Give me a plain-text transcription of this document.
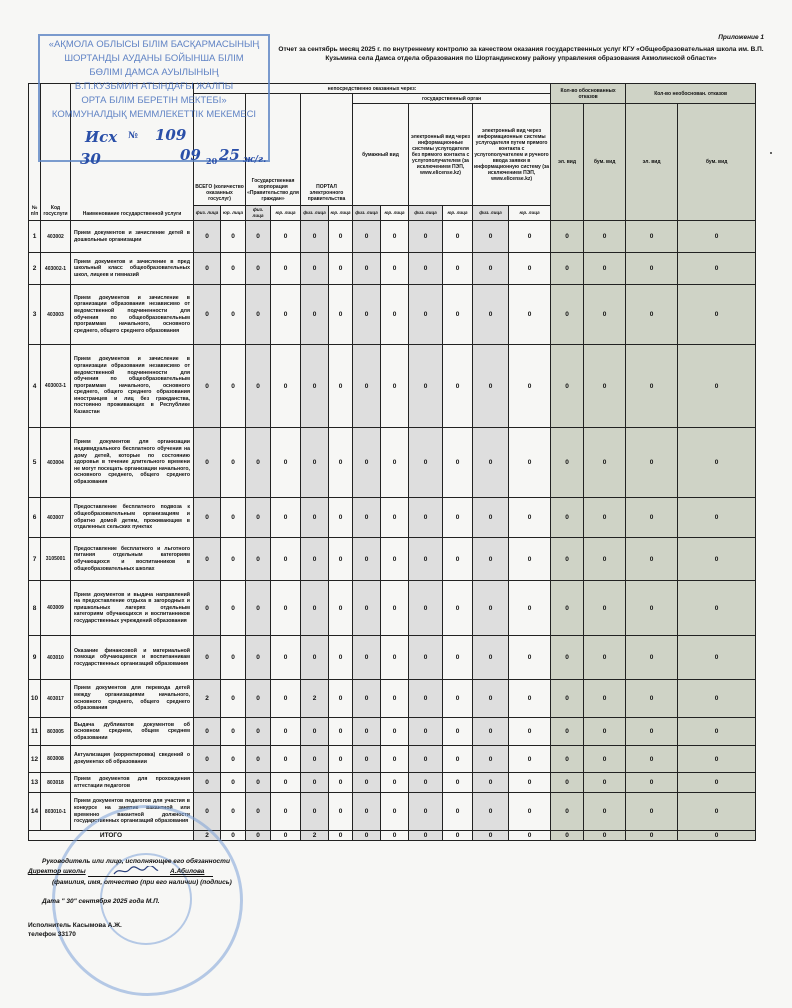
Приложение 1
Отчет за сентябрь месяц 2025 г. по внутреннему контролю за качеством оказания государственных услуг КГУ «Общеобразовательная школа им. В.П. Кузьмина села Дамса отдела образования по Шортандинскому району управления образования Акмолинской области»
№ п/п	Код госуслуги	Наименование государственной услуги	непосредственно оказанных через:												Кол-во обоснованных отказов		Кол-во необоснован. отказов	
			ВСЕГО (количество оказанных госуслуг)		Государственная корпорация «Правительство для граждан»		ПОРТАЛ электронного правительства		государственный орган									
									бумажный вид		электронный вид через информационные системы услугодателя без прямого контакта с услугополучателем (за исключением ПЭП, www.elicense.kz)		электронный вид через информационные системы услугодателя путем прямого контакта с услугополучателем и ручного ввода заявки в информационную систему (за исключением ПЭП, www.elicense.kz)		эл. вид	бум. вид	эл. вид	бум. вид
			физ. лица	юр. лица	физ. лица	юр. лица	физ. лица	юр. лица	физ. лица	юр. лица	физ. лица	юр. лица	физ. лица	юр. лица				
1	403002	Прием документов и зачисление детей в дошкольные организации	0	0	0	0	0	0	0	0	0	0	0	0	0	0	0	0
2	403002-1	Прием документов и зачисление в пред школьный класс общеобразовательных школ, лицеев и гимназий	0	0	0	0	0	0	0	0	0	0	0	0	0	0	0	0
3	403003	Прием документов и зачисление в организации образования независимо от ведомственной подчиненности для обучения по общеобразовательным программам начального, основного среднего, общего среднего образования	0	0	0	0	0	0	0	0	0	0	0	0	0	0	0	0
4	403003-1	Прием документов и зачисление в организации образования независимо от ведомственной подчиненности для обучения по общеобразовательным программам начального, основного среднего, общего среднего образования иностранцев и лиц без гражданства, постоянно проживающих в Республике Казахстан	0	0	0	0	0	0	0	0	0	0	0	0	0	0	0	0
5	403004	Прием документов для организации индивидуального бесплатного обучения на дому детей, которые по состоянию здоровья в течение длительного времени не могут посещать организации начального, основного среднего, общего среднего образования	0	0	0	0	0	0	0	0	0	0	0	0	0	0	0	0
6	403007	Предоставление бесплатного подвоза к общеобразовательным организациям и обратно домой детям, проживающим в отдаленных сельских пунктах	0	0	0	0	0	0	0	0	0	0	0	0	0	0	0	0
7	3105001	Предоставление бесплатного и льготного питания отдельным категориям обучающихся и воспитанников в общеобразовательных школах	0	0	0	0	0	0	0	0	0	0	0	0	0	0	0	0
8	403009	Прием документов и выдача направлений на предоставление отдыха в загородных и пришкольных лагерях отдельным категориям обучающихся и воспитанников государственных учреждений образования	0	0	0	0	0	0	0	0	0	0	0	0	0	0	0	0
9	403010	Оказание финансовой и материальной помощи обучающимся и воспитанникам государственных организаций образования	0	0	0	0	0	0	0	0	0	0	0	0	0	0	0	0
10	403017	Прием документов для перевода детей между организациями начального, основного среднего, общего среднего образования	2	0	0	0	2	0	0	0	0	0	0	0	0	0	0	0
11	803005	Выдача дубликатов документов об основном среднем, общем среднем образовании	0	0	0	0	0	0	0	0	0	0	0	0	0	0	0	0
12	803008	Актуализация (корректировка) сведений о документах об образовании	0	0	0	0	0	0	0	0	0	0	0	0	0	0	0	0
13	803018	Прием документов для прохождения аттестации педагогов	0	0	0	0	0	0	0	0	0	0	0	0	0	0	0	0
14	803010-1	Прием документов педагогов для участия в конкурсе на занятие вакантной или временно вакантной должности государственных организаций образования	0	0	0	0	0	0	0	0	0	0	0	0	0	0	0	0
ИТОГО			2	0	0	0	2	0	0	0	0	0	0	0	0	0	0	0
«АҚМОЛА ОБЛЫСЫ БІЛІМ БАСҚАРМАСЫНЫҢ
ШОРТАНДЫ АУДАНЫ БОЙЫНША БІЛІМ
БӨЛІМІ ДАМСА АУЫЛЫНЫҢ
В.П.КУЗЬМИН АТЫНДАҒЫ ЖАЛПЫ
ОРТА БІЛІМ БЕРЕТІН МЕКТЕБІ»
КОММУНАЛДЫҚ МЕММЛЕКЕТТІК МЕКЕМЕСІ
Исх № 109
30	09 20 25 ж/г.
Руководитель или лицо, исполняющее его обязанности
Директор школы	А.Абилова
(фамилия, имя, отчество (при его наличии) (подпись)
Дата " 30" сентября 2025 года М.П.
Исполнитель Касымова А.Ж.
телефон 33170
